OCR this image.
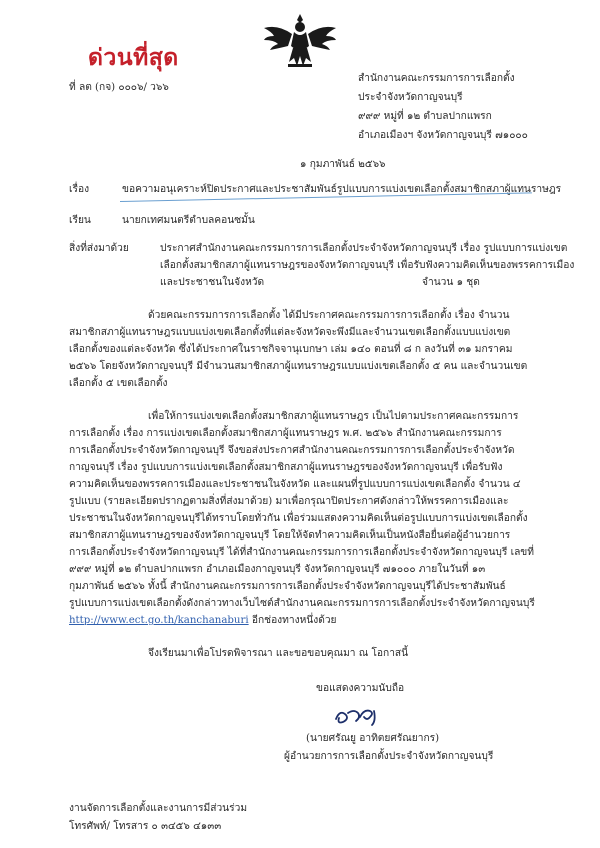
ด่วนที่สุด
ที่ ลต (กจ) ๐๐๐๖/ ว๖๖
สำนักงานคณะกรรมการการเลือกตั้ง
ประจำจังหวัดกาญจนบุรี
๙๙๙ หมู่ที่ ๑๒ ตำบลปากแพรก
อำเภอเมืองฯ จังหวัดกาญจนบุรี ๗๑๐๐๐
๑ กุมภาพันธ์ ๒๕๖๖
เรื่อง	ขอความอนุเคราะห์ปิดประกาศและประชาสัมพันธ์รูปแบบการแบ่งเขตเลือกตั้งสมาชิกสภาผู้แทนราษฎร
เรียน	นายกเทศมนตรีตำบลคอนซมั้น
สิ่งที่ส่งมาด้วย	ประกาศสำนักงานคณะกรรมการการเลือกตั้งประจำจังหวัดกาญจนบุรี เรื่อง รูปแบบการแบ่งเขต
เลือกตั้งสมาชิกสภาผู้แทนราษฎรของจังหวัดกาญจนบุรี เพื่อรับฟังความคิดเห็นของพรรคการเมือง
และประชาชนในจังหวัด	จำนวน ๑ ชุด
ด้วยคณะกรรมการการเลือกตั้ง ได้มีประกาศคณะกรรมการการเลือกตั้ง เรื่อง จำนวน
สมาชิกสภาผู้แทนราษฎรแบบแบ่งเขตเลือกตั้งที่แต่ละจังหวัดจะพึงมีและจำนวนเขตเลือกตั้งแบบแบ่งเขต
เลือกตั้งของแต่ละจังหวัด ซึ่งได้ประกาศในราชกิจจานุเบกษา เล่ม ๑๔๐ ตอนที่ ๘ ก ลงวันที่ ๓๑ มกราคม
๒๕๖๖ โดยจังหวัดกาญจนบุรี มีจำนวนสมาชิกสภาผู้แทนราษฎรแบบแบ่งเขตเลือกตั้ง ๕ คน และจำนวนเขต
เลือกตั้ง ๕ เขตเลือกตั้ง
เพื่อให้การแบ่งเขตเลือกตั้งสมาชิกสภาผู้แทนราษฎร เป็นไปตามประกาศคณะกรรมการ
การเลือกตั้ง เรื่อง การแบ่งเขตเลือกตั้งสมาชิกสภาผู้แทนราษฎร พ.ศ. ๒๕๖๖ สำนักงานคณะกรรมการ
การเลือกตั้งประจำจังหวัดกาญจนบุรี จึงขอส่งประกาศสำนักงานคณะกรรมการการเลือกตั้งประจำจังหวัด
กาญจนบุรี เรื่อง รูปแบบการแบ่งเขตเลือกตั้งสมาชิกสภาผู้แทนราษฎรของจังหวัดกาญจนบุรี เพื่อรับฟัง
ความคิดเห็นของพรรคการเมืองและประชาชนในจังหวัด และแผนที่รูปแบบการแบ่งเขตเลือกตั้ง จำนวน ๔
รูปแบบ (รายละเอียดปรากฏตามสิ่งที่ส่งมาด้วย) มาเพื่อกรุณาปิดประกาศดังกล่าวให้พรรคการเมืองและ
ประชาชนในจังหวัดกาญจนบุรีได้ทราบโดยทั่วกัน เพื่อร่วมแสดงความคิดเห็นต่อรูปแบบการแบ่งเขตเลือกตั้ง
สมาชิกสภาผู้แทนราษฎรของจังหวัดกาญจนบุรี โดยให้จัดทำความคิดเห็นเป็นหนังสือยื่นต่อผู้อำนวยการ
การเลือกตั้งประจำจังหวัดกาญจนบุรี ได้ที่สำนักงานคณะกรรมการการเลือกตั้งประจำจังหวัดกาญจนบุรี เลขที่
๙๙๙ หมู่ที่ ๑๒ ตำบลปากแพรก อำเภอเมืองกาญจนบุรี จังหวัดกาญจนบุรี ๗๑๐๐๐ ภายในวันที่ ๑๓
กุมภาพันธ์ ๒๕๖๖ ทั้งนี้ สำนักงานคณะกรรมการการเลือกตั้งประจำจังหวัดกาญจนบุรีได้ประชาสัมพันธ์
รูปแบบการแบ่งเขตเลือกตั้งดังกล่าวทางเว็บไซต์สำนักงานคณะกรรมการการเลือกตั้งประจำจังหวัดกาญจนบุรี
http://www.ect.go.th/kanchanaburi อีกช่องทางหนึ่งด้วย
จึงเรียนมาเพื่อโปรดพิจารณา และขอขอบคุณมา ณ โอกาสนี้
ขอแสดงความนับถือ
(นายศรัณยู อาทิตยศรัณยากร)
ผู้อำนวยการการเลือกตั้งประจำจังหวัดกาญจนบุรี
งานจัดการเลือกตั้งและงานการมีส่วนร่วม
โทรศัพท์/ โทรสาร ๐ ๓๔๕๖ ๔๑๓๓
